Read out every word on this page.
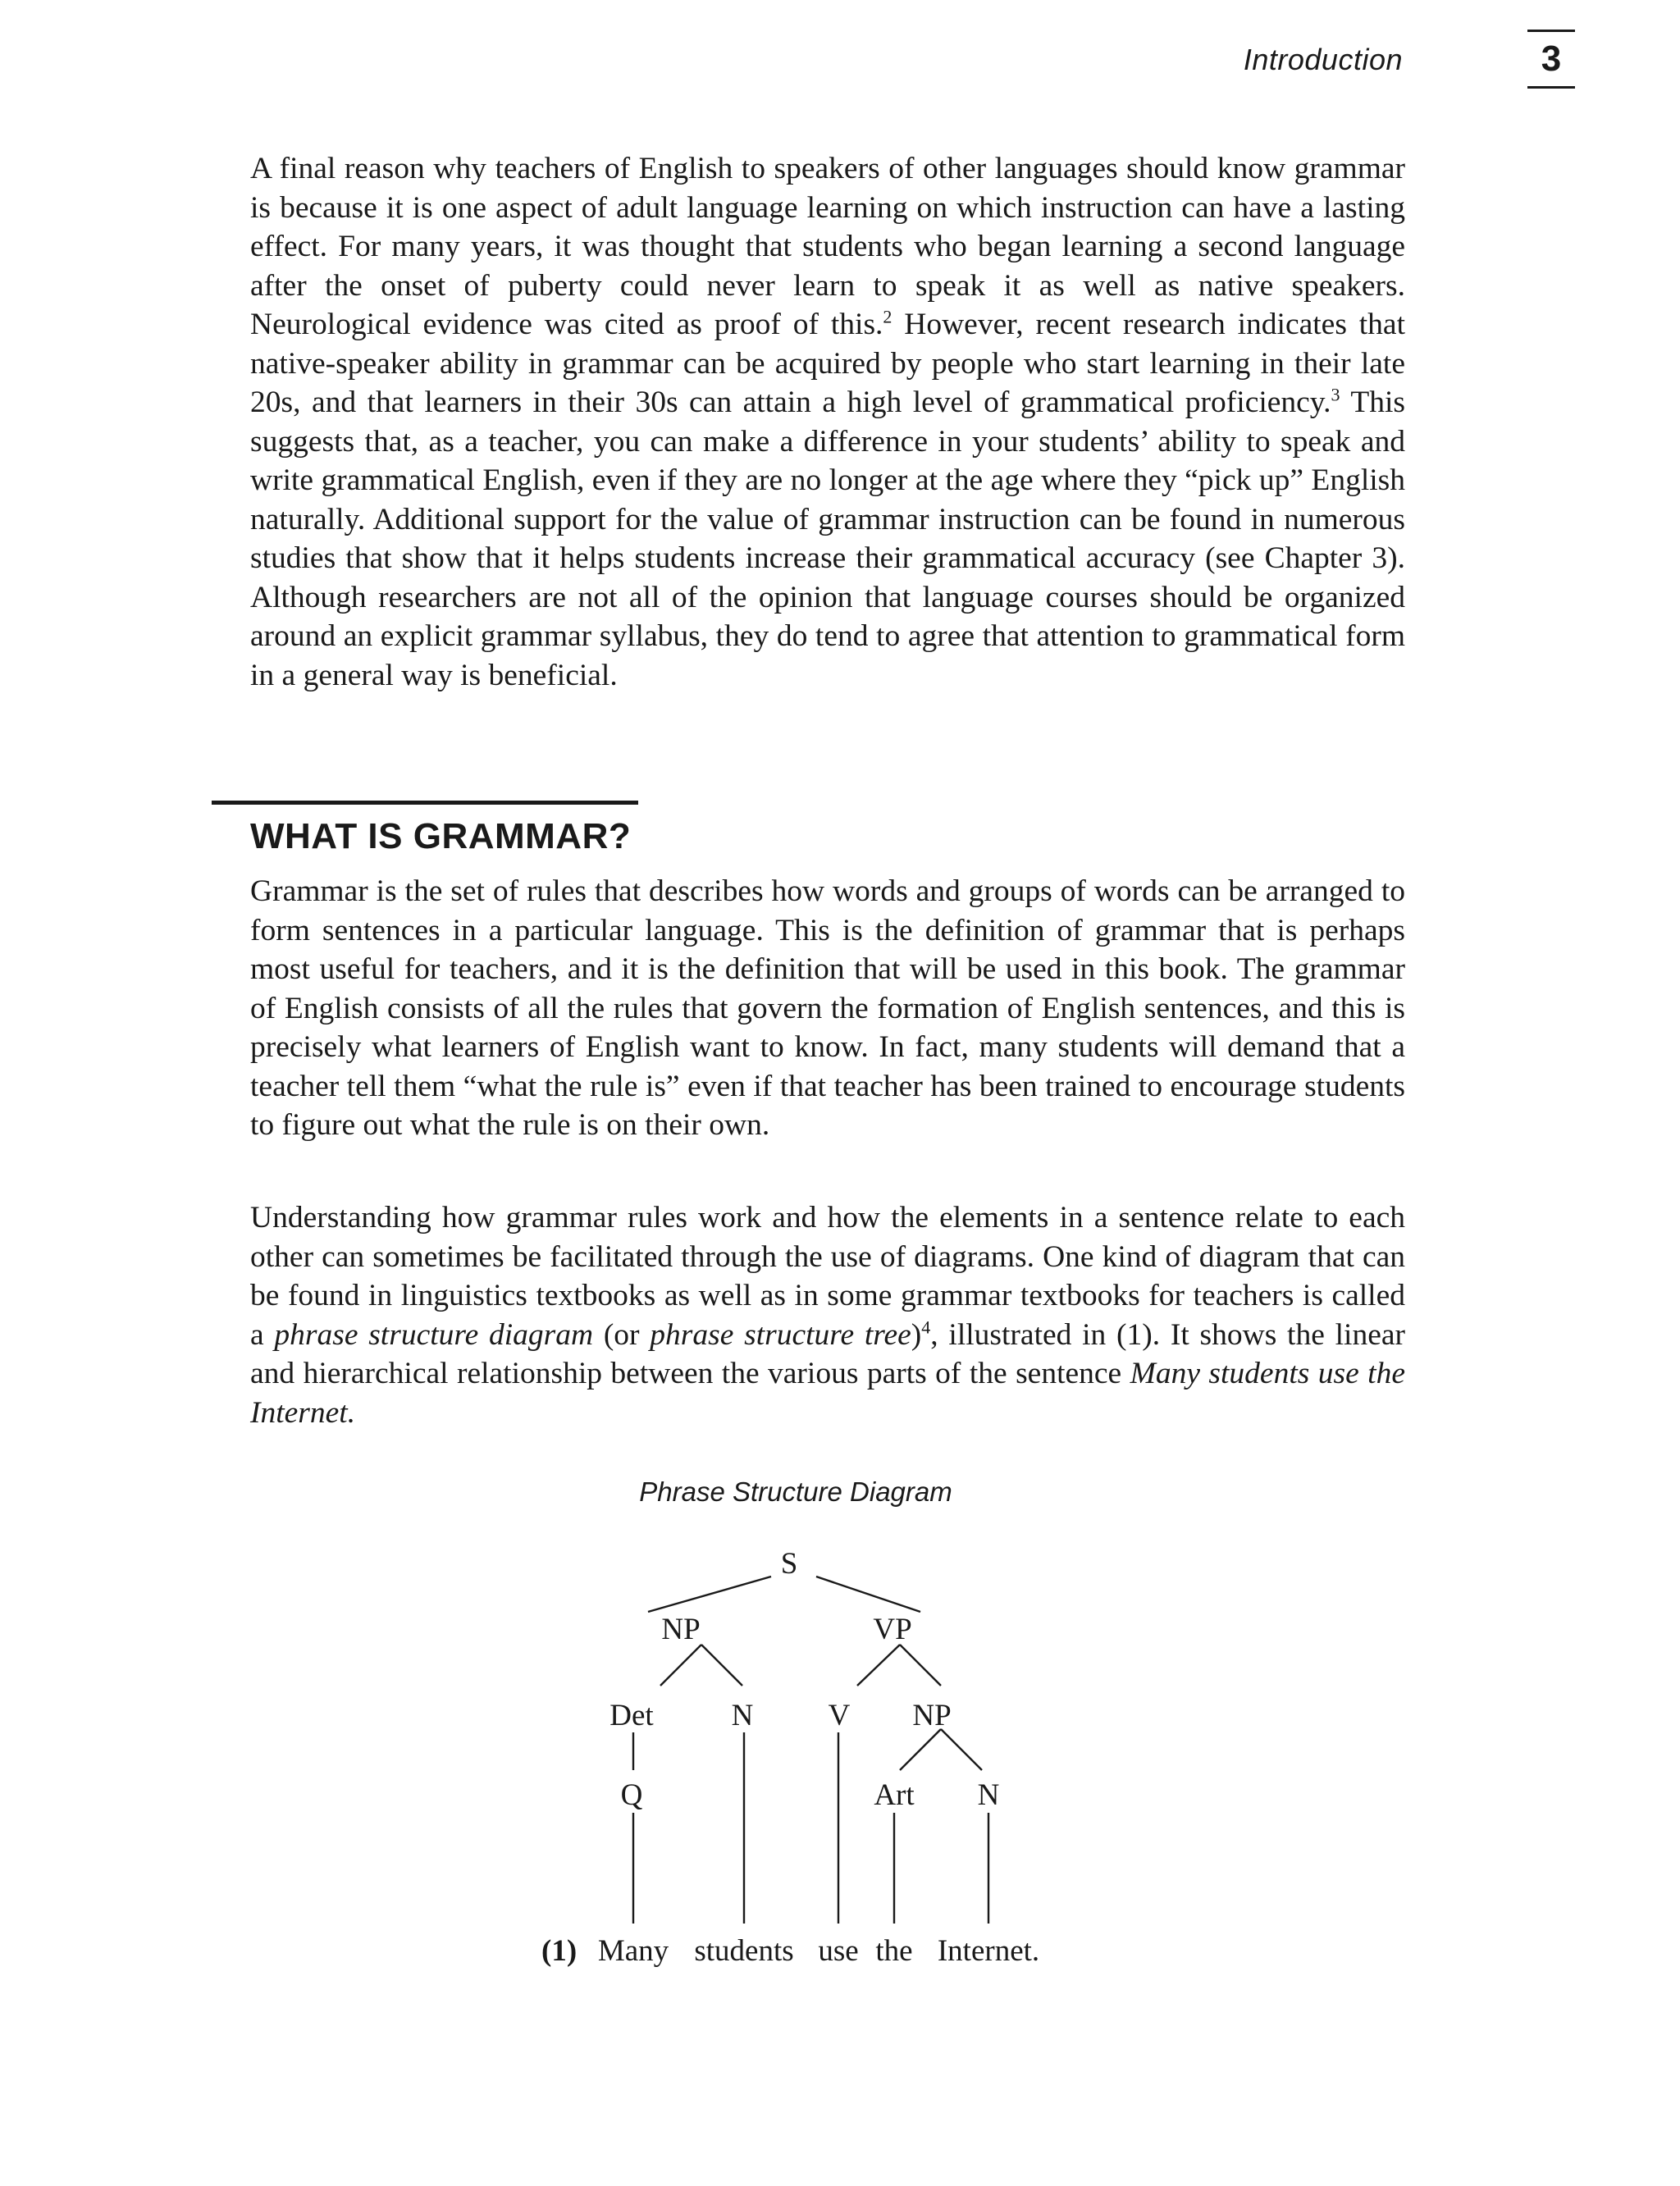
Introduction	3

A final reason why teachers of English to speakers of other languages should know grammar is because it is one aspect of adult language learning on which instruction can have a lasting effect. For many years, it was thought that students who began learning a second language after the onset of puberty could never learn to speak it as well as native speakers. Neurological evidence was cited as proof of this.$^2$ However, recent research indicates that native-speaker ability in grammar can be acquired by people who start learning in their late 20s, and that learners in their 30s can attain a high level of grammatical proficiency.$^3$ This suggests that, as a teacher, you can make a difference in your students’ ability to speak and write grammatical English, even if they are no longer at the age where they “pick up” English naturally. Additional support for the value of grammar instruction can be found in numerous studies that show that it helps students increase their grammatical accuracy (see Chapter 3). Although researchers are not all of the opinion that language courses should be organized around an explicit grammar syllabus, they do tend to agree that attention to grammatical form in a general way is beneficial.

WHAT IS GRAMMAR?

Grammar is the set of rules that describes how words and groups of words can be arranged to form sentences in a particular language. This is the definition of grammar that is perhaps most useful for teachers, and it is the definition that will be used in this book. The grammar of English consists of all the rules that govern the formation of English sentences, and this is precisely what learners of English want to know. In fact, many students will demand that a teacher tell them “what the rule is” even if that teacher has been trained to encourage students to figure out what the rule is on their own.

Understanding how grammar rules work and how the elements in a sentence relate to each other can sometimes be facilitated through the use of diagrams. One kind of diagram that can be found in linguistics textbooks as well as in some grammar textbooks for teachers is called a phrase structure diagram (or phrase structure tree)$^4$, illustrated in (1). It shows the linear and hierarchical relationship between the various parts of the sentence Many students use the Internet.

Phrase Structure Diagram
S
NP	VP
Det	N V NP
Q	Art N
(1) Many students use the Internet.
